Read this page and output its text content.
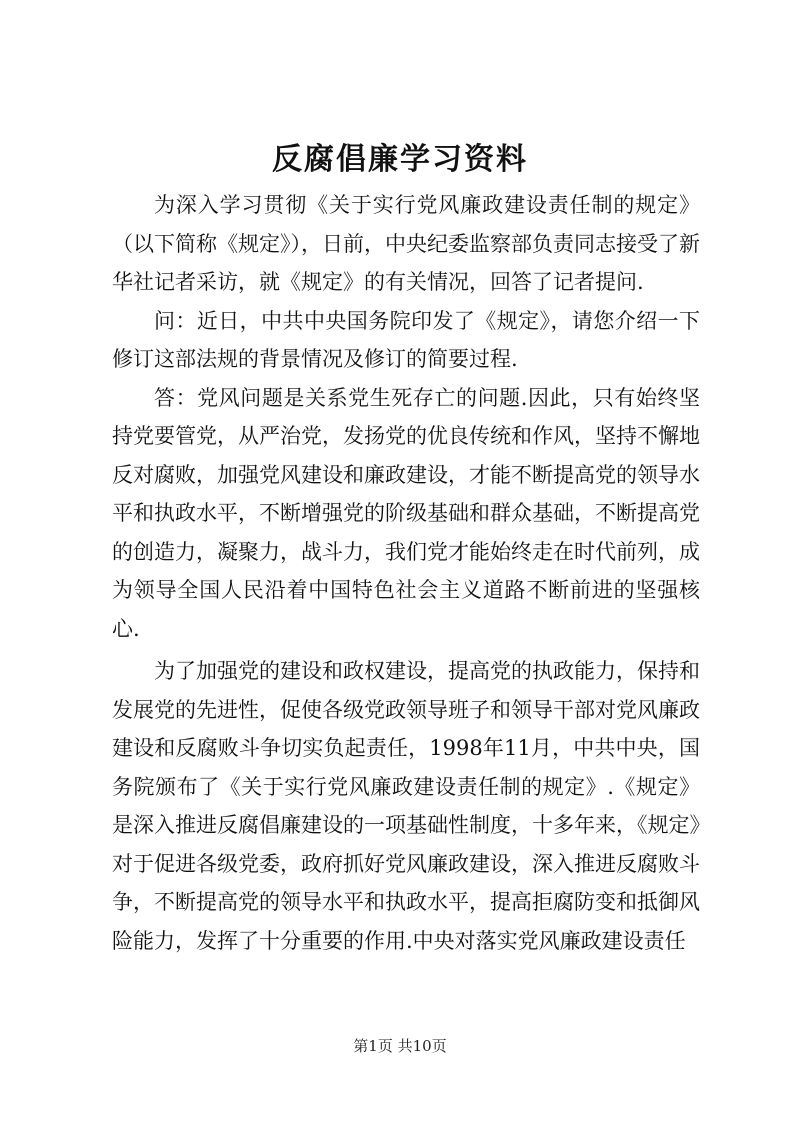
反腐倡廉学习资料

为深入学习贯彻《关于实行党风廉政建设责任制的规定》（以下简称《规定》），日前，中央纪委监察部负责同志接受了新华社记者采访，就《规定》的有关情况，回答了记者提问.

问：近日，中共中央国务院印发了《规定》，请您介绍一下修订这部法规的背景情况及修订的简要过程.

答：党风问题是关系党生死存亡的问题.因此，只有始终坚持党要管党，从严治党，发扬党的优良传统和作风，坚持不懈地反对腐败，加强党风建设和廉政建设，才能不断提高党的领导水平和执政水平，不断增强党的阶级基础和群众基础，不断提高党的创造力，凝聚力，战斗力，我们党才能始终走在时代前列，成为领导全国人民沿着中国特色社会主义道路不断前进的坚强核心.

为了加强党的建设和政权建设，提高党的执政能力，保持和发展党的先进性，促使各级党政领导班子和领导干部对党风廉政建设和反腐败斗争切实负起责任，1998年11月，中共中央，国务院颁布了《关于实行党风廉政建设责任制的规定》.《规定》是深入推进反腐倡廉建设的一项基础性制度，十多年来，《规定》对于促进各级党委，政府抓好党风廉政建设，深入推进反腐败斗争，不断提高党的领导水平和执政水平，提高拒腐防变和抵御风险能力，发挥了十分重要的作用.中央对落实党风廉政建设责任

第1页 共10页
